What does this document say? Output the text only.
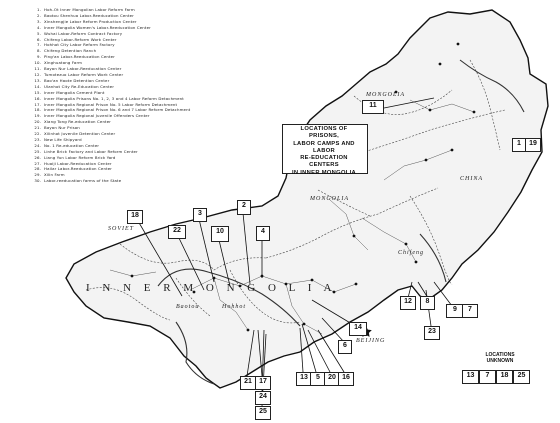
1. Hoh-Ot Inner Mongolian Labor Reform Farm
2. Baotou Shenhua Labor-Reeducation Center
3. Xinshengjie Labor Reform Production Center
4. Inner Mongolia Women's Labor-Reeducation Center
5. Wuhai Labor-Reform Contract Factory
6. Chifeng Labor-Reform Work Center
7. Hohhot City Labor Reform Factory
8. Chifeng Detention Ranch
9. Ping'an Labor-Reeducation Center
10. Xinghuatang Farm
11. Bayan Nur Labor-Reeducation Center
12. Tumotezuo Labor Reform Work Center
13. Bao'an Haote Detention Center
14. Ulanhot City Re-Education Center
15. Inner Mongolia Cement Plant
16. Inner Mongolia Prisons No. 1, 2, 3 and 4 Labor Reform Detachment
17. Inner Mongolia Regional Prison No. 5 Labor Reform Detachment
18. Inner Mongolia Regional Prison No. 6 and 7 Labor Reform Detachment
19. Inner Mongolia Regional Juvenile Offenders Center
20. Xiang Tong Re-education Center
21. Bayan Nur Prison
22. Xilinhot Juvenile Detention Center
23. New Life Shipyard
24. No. 1 Re-education Center
25. Linhe Brick Factory and Labor Reform Center
26. Liang Yun Labor Reform Brick Yard
27. Huaiji Labor-Reeducation Center
28. Hailar Labor-Reeducation Center
29. Xilin Farm
30. Labor-reeducation farms of the State

LOCATIONS OF PRISONS,
LABOR CAMPS AND LABOR
RE-EDUCATION CENTERS
IN INNER MONGOLIA

MONGOLIA
SOVIET
MONGOLIA
CHINA
Hohhot
Baotou
BEIJING
Chifeng
I N N E R M O N G O L I A
11
1	19
18	3
22	10
2
4
14
6
12	8
9	7
13	5
23
20 16
21	17
24
25

LOCATIONS
UNKNOWN

13	7	18	25
